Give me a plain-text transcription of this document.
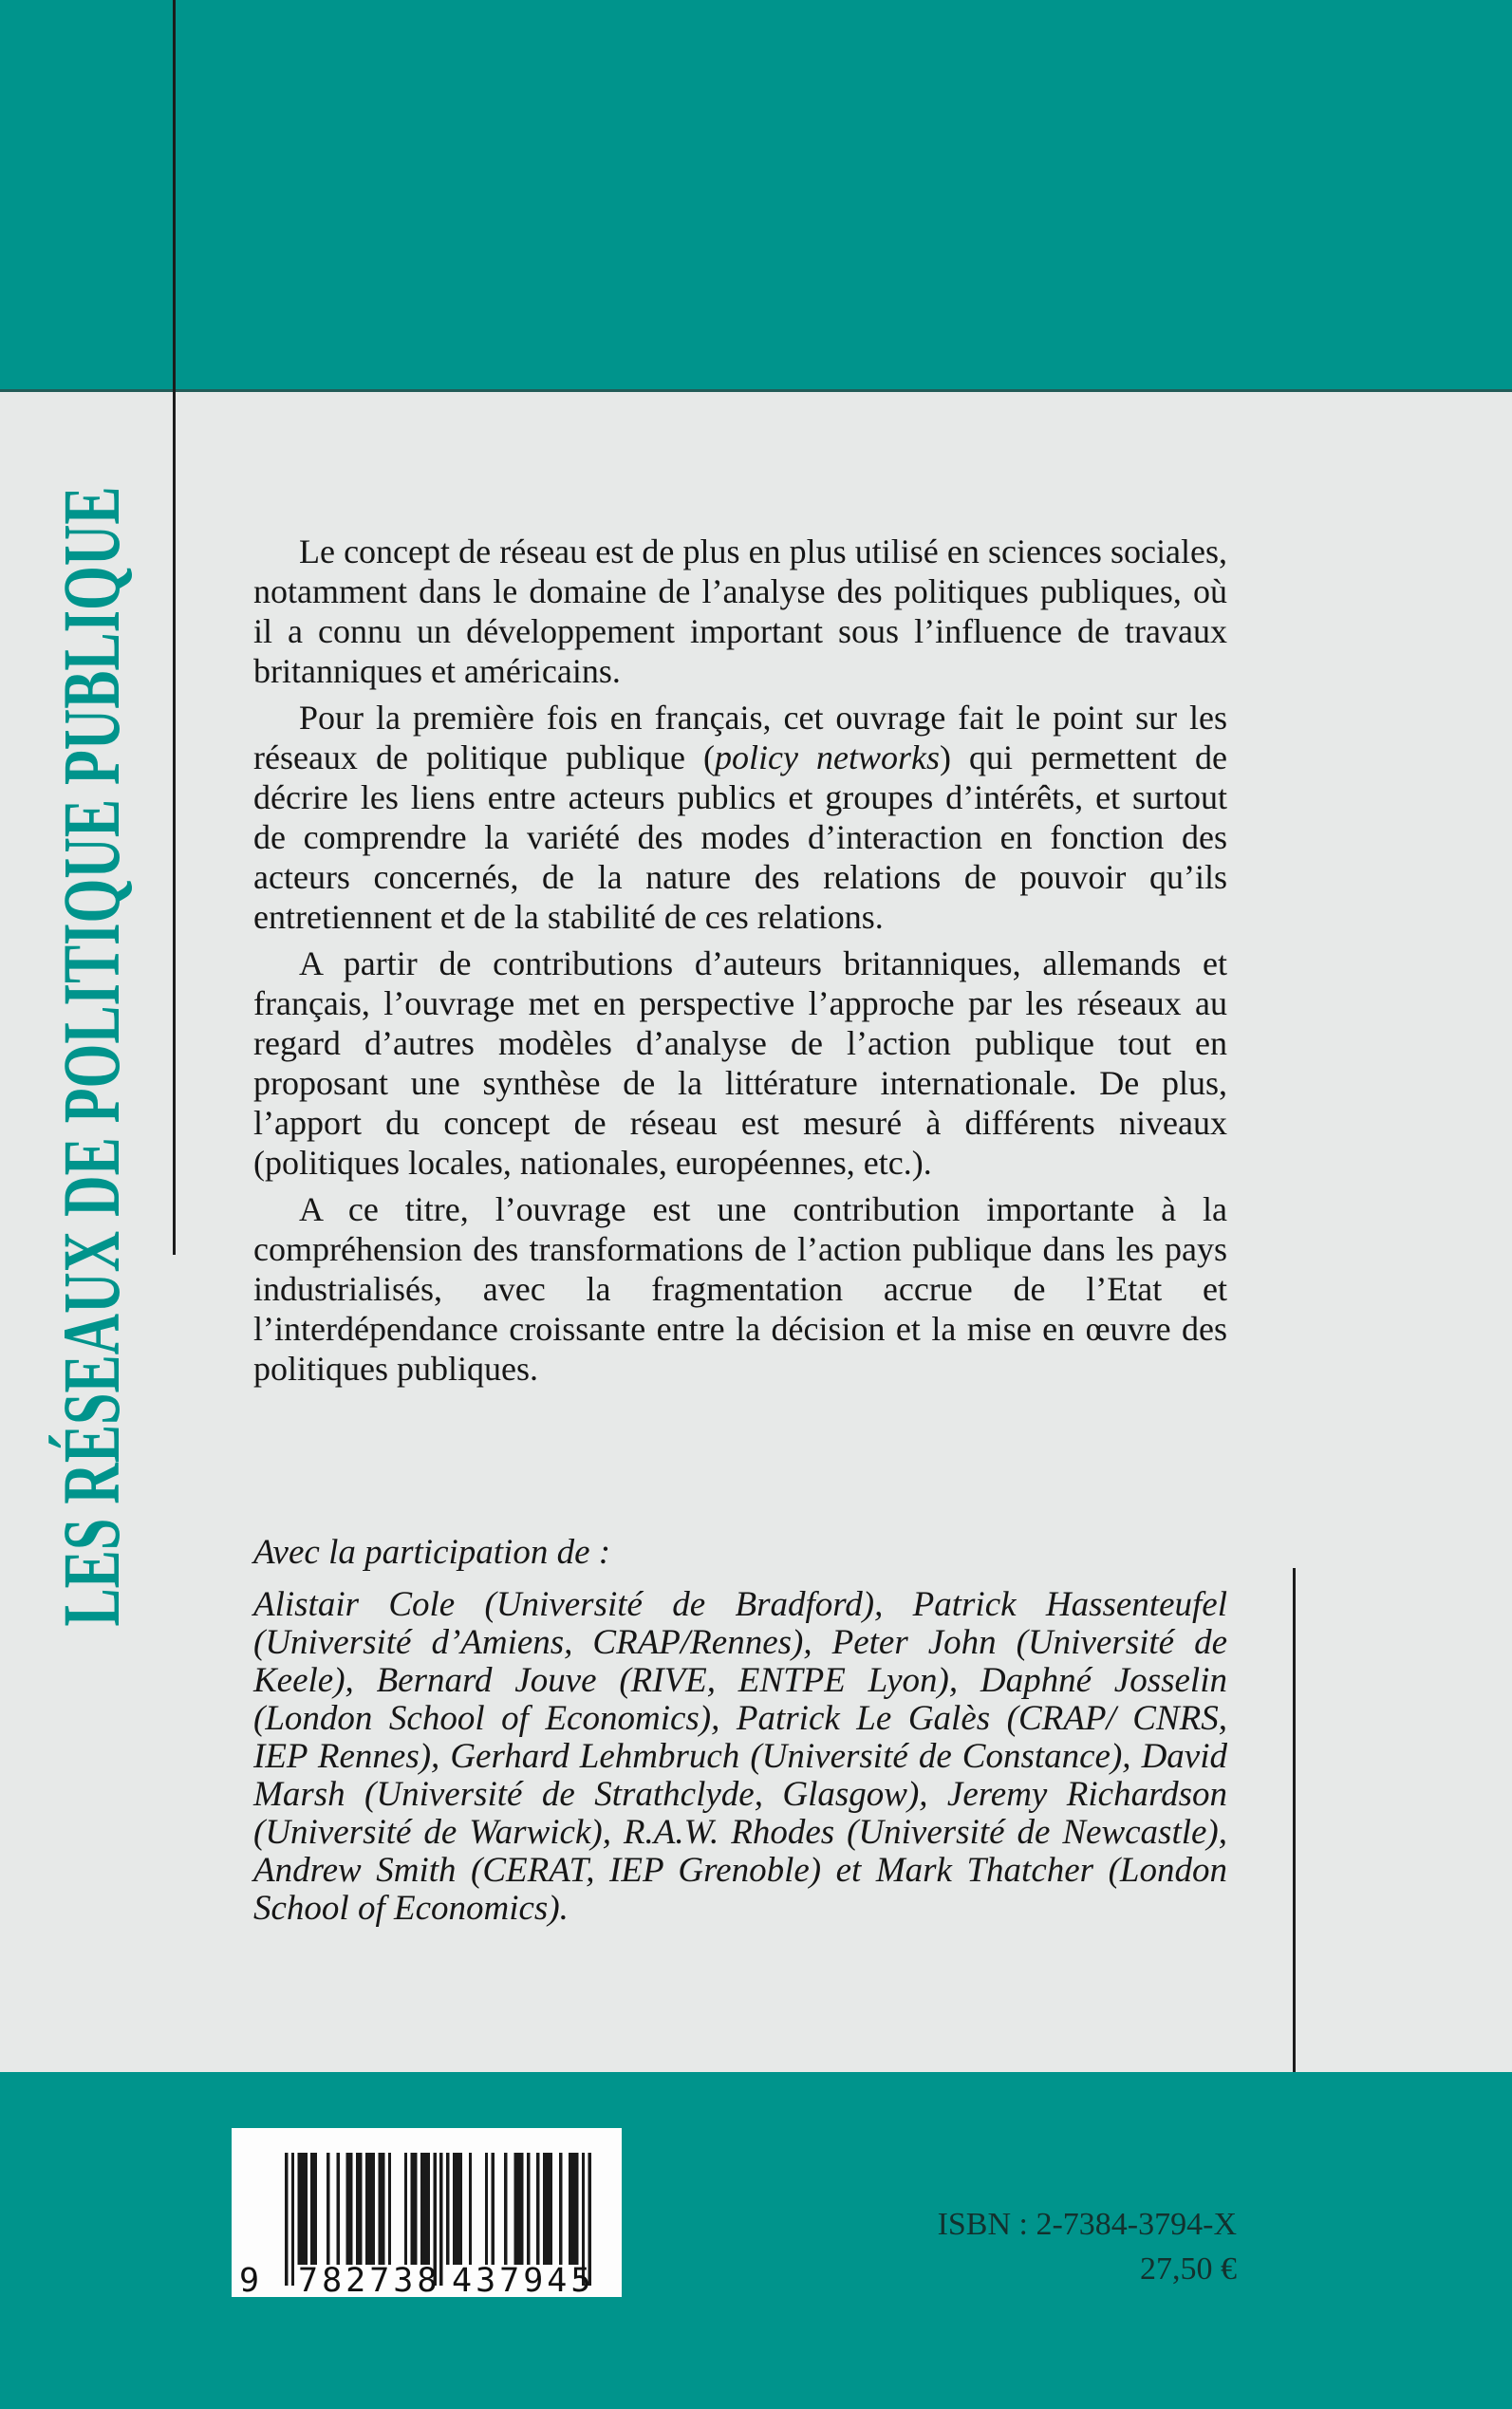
LES RÉSEAUX DE POLITIQUE PUBLIQUE	Le concept de réseau est de plus en plus utilisé en sciences sociales, notamment dans le domaine de l’analyse des politiques publiques, où il a connu un développement important sous l’influence de travaux britanniques et américains.

Pour la première fois en français, cet ouvrage fait le point sur les réseaux de politique publique (policy networks) qui permettent de décrire les liens entre acteurs publics et groupes d’intérêts, et surtout de comprendre la variété des modes d’interaction en fonction des acteurs concernés, de la nature des relations de pouvoir qu’ils entretiennent et de la stabilité de ces relations.

A partir de contributions d’auteurs britanniques, allemands et français, l’ouvrage met en perspective l’approche par les réseaux au regard d’autres modèles d’analyse de l’action publique tout en proposant une synthèse de la littérature internationale. De plus, l’apport du concept de réseau est mesuré à différents niveaux (politiques locales, nationales, européennes, etc.).

A ce titre, l’ouvrage est une contribution importante à la compréhension des transformations de l’action publique dans les pays industrialisés, avec la fragmentation accrue de l’Etat et l’interdépendance croissante entre la décision et la mise en œuvre des politiques publiques.

Avec la participation de :

Alistair Cole (Université de Bradford), Patrick Hassenteufel (Université d’Amiens, CRAP/Rennes), Peter John (Université de Keele), Bernard Jouve (RIVE, ENTPE Lyon), Daphné Josselin (London School of Economics), Patrick Le Galès (CRAP/ CNRS, IEP Rennes), Gerhard Lehmbruch (Université de Constance), David Marsh (Université de Strathclyde, Glasgow), Jeremy Richardson (Université de Warwick), R.A.W. Rhodes (Université de Newcastle), Andrew Smith (CERAT, IEP Grenoble) et Mark Thatcher (London School of Economics).

9 782738 437945
ISBN : 2-7384-3794-X
27,50 €
